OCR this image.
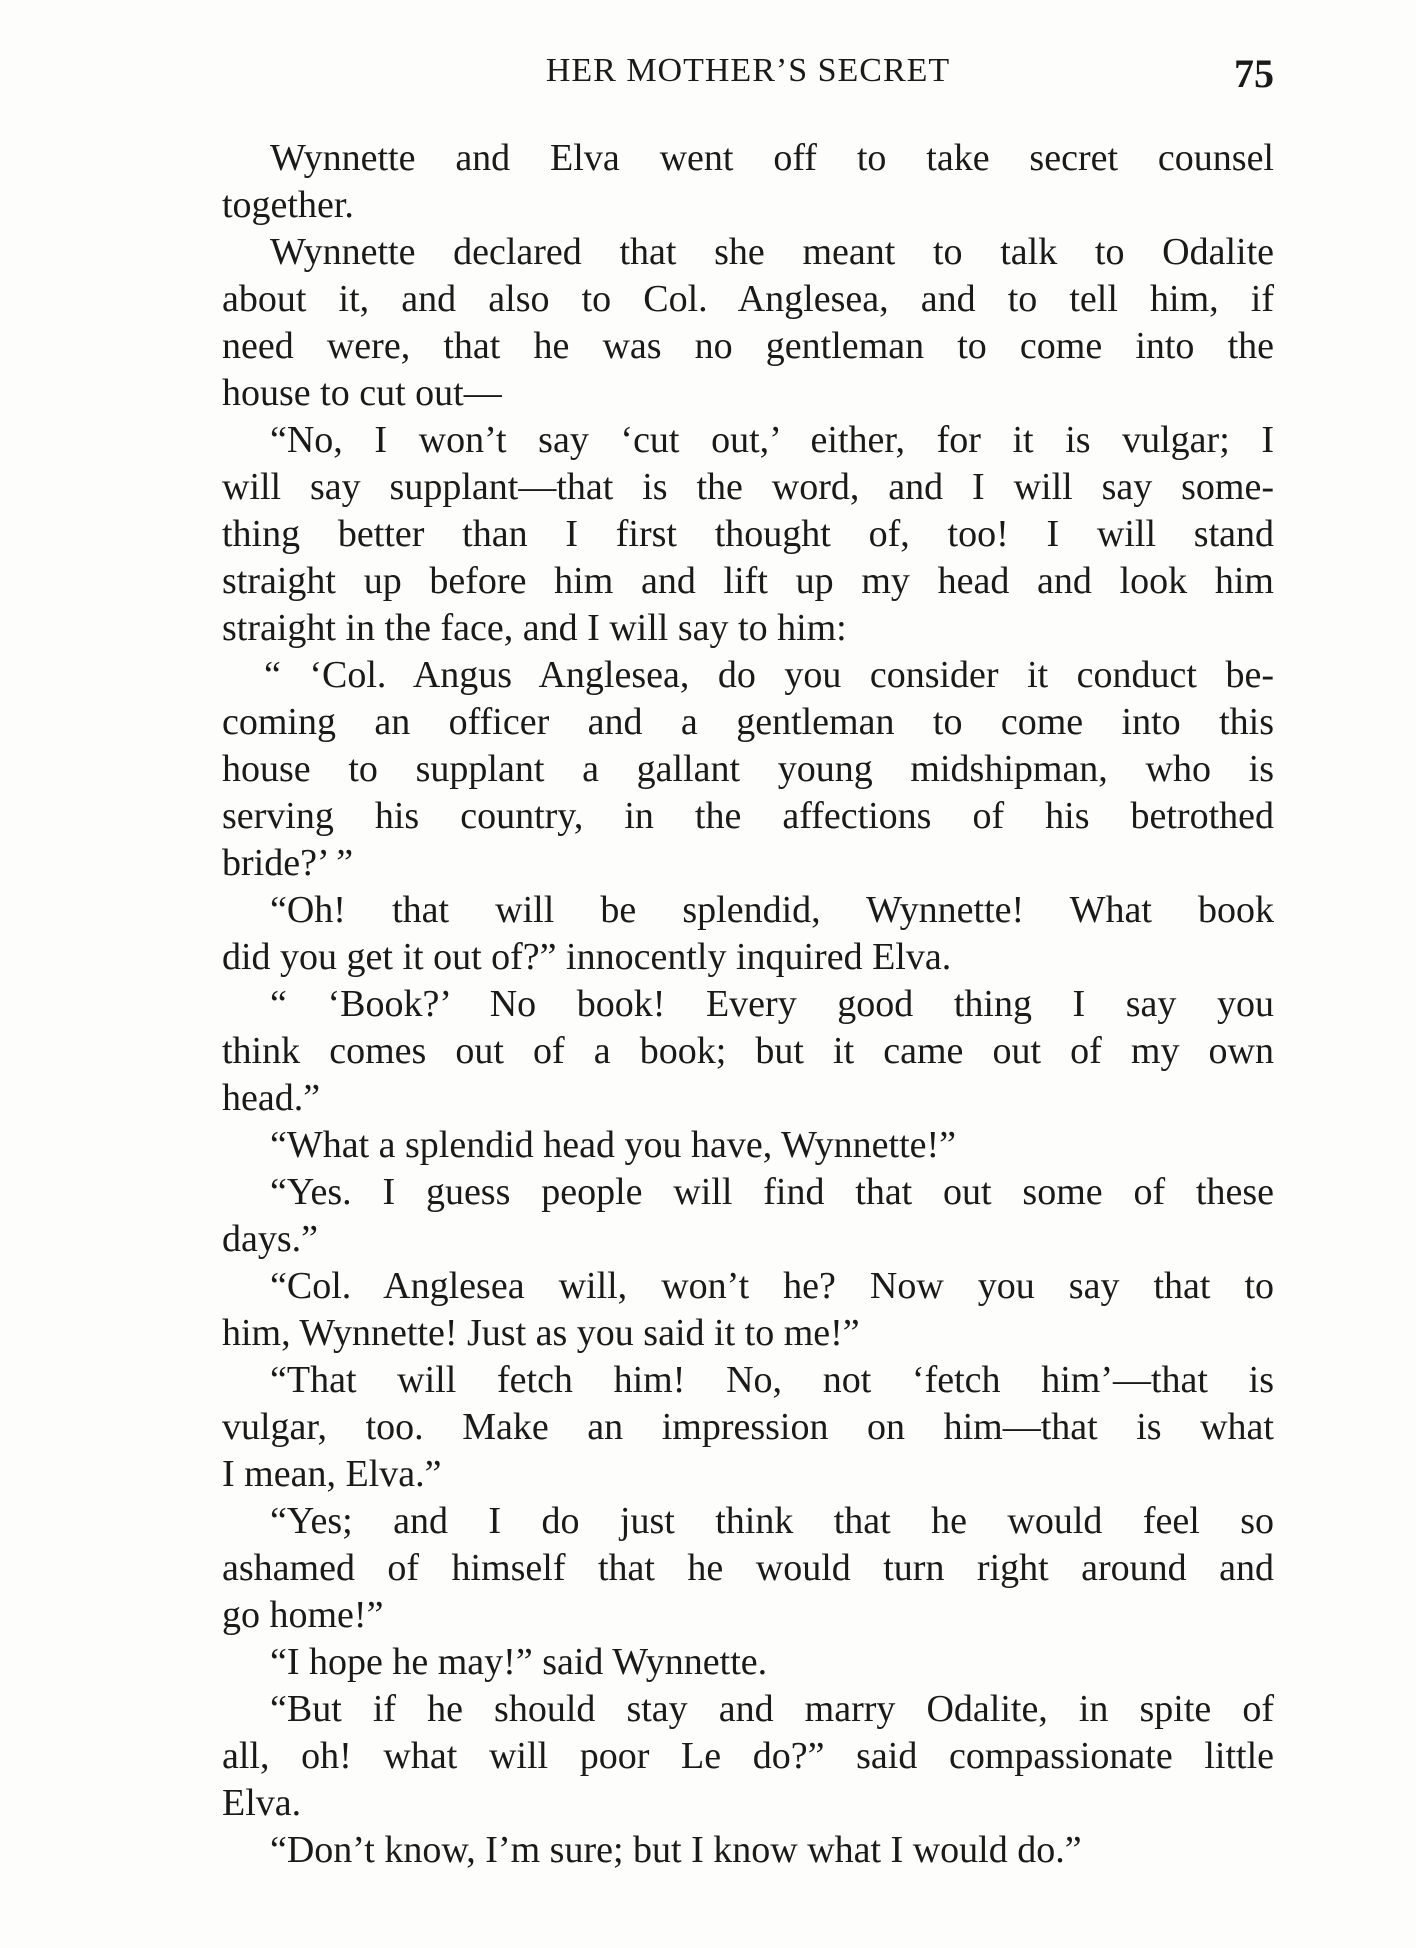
HER MOTHER’S SECRET	75
Wynnette and Elva went off to take secret counsel
together.
Wynnette declared that she meant to talk to Odalite
about it, and also to Col. Anglesea, and to tell him, if
need were, that he was no gentleman to come into the
house to cut out—
“No, I won’t say ‘cut out,’ either, for it is vulgar; I
will say supplant—that is the word, and I will say some-
thing better than I first thought of, too! I will stand
straight up before him and lift up my head and look him
straight in the face, and I will say to him:
“ ‘Col. Angus Anglesea, do you consider it conduct be-
coming an officer and a gentleman to come into this
house to supplant a gallant young midshipman, who is
serving his country, in the affections of his betrothed
bride?’ ”
“Oh! that will be splendid, Wynnette! What book
did you get it out of?” innocently inquired Elva.
“ ‘Book?’ No book! Every good thing I say you
think comes out of a book; but it came out of my own
head.”
“What a splendid head you have, Wynnette!”
“Yes. I guess people will find that out some of these
days.”
“Col. Anglesea will, won’t he? Now you say that to
him, Wynnette! Just as you said it to me!”
“That will fetch him! No, not ‘fetch him’—that is
vulgar, too. Make an impression on him—that is what
I mean, Elva.”
“Yes; and I do just think that he would feel so
ashamed of himself that he would turn right around and
go home!”
“I hope he may!” said Wynnette.
“But if he should stay and marry Odalite, in spite of
all, oh! what will poor Le do?” said compassionate little
Elva.
“Don’t know, I’m sure; but I know what I would do.”
